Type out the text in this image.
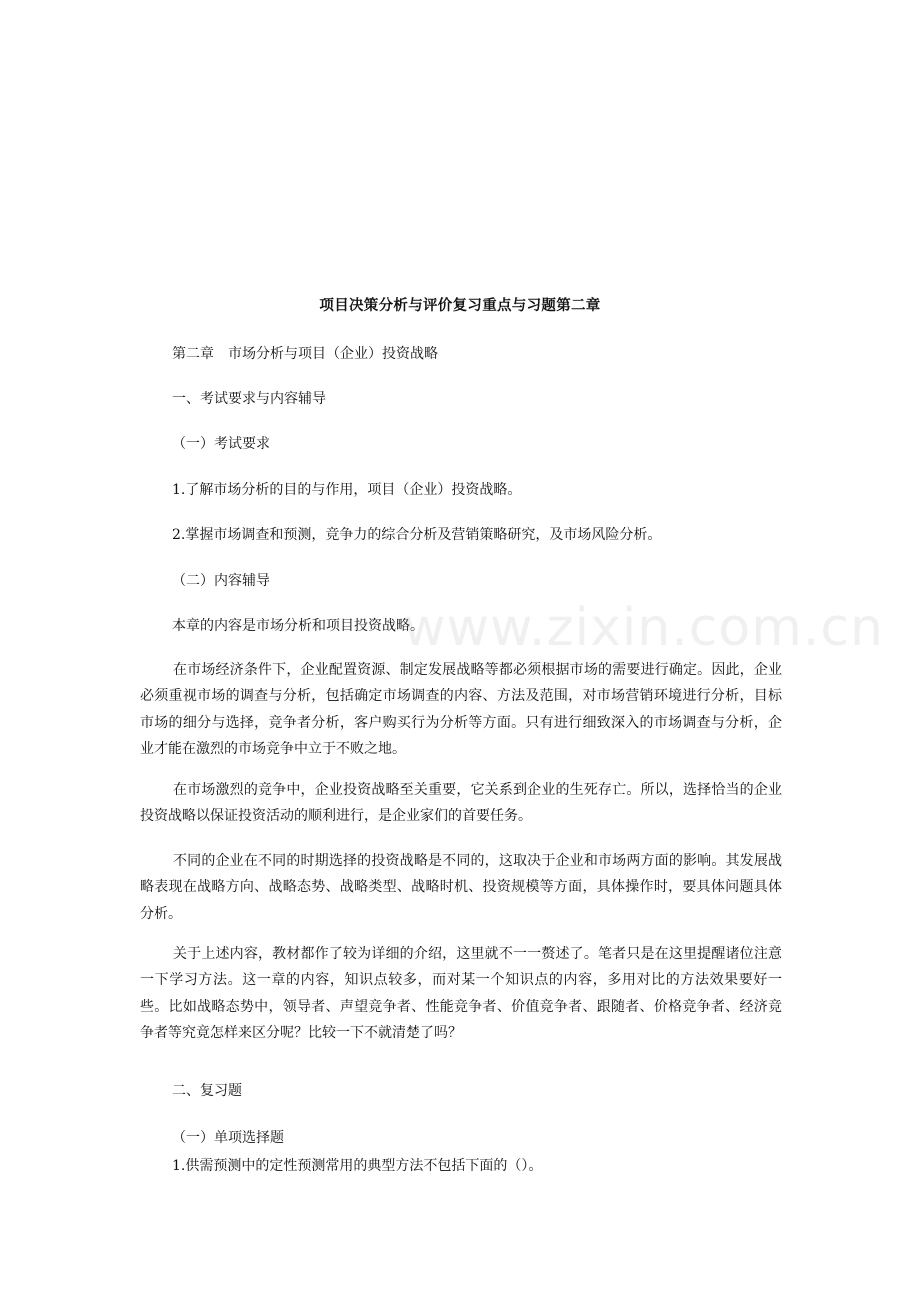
项目决策分析与评价复习重点与习题第二章
第二章　市场分析与项目（企业）投资战略
一、考试要求与内容辅导
（一）考试要求
1.了解市场分析的目的与作用，项目（企业）投资战略。
2.掌握市场调查和预测，竞争力的综合分析及营销策略研究，及市场风险分析。
（二）内容辅导
本章的内容是市场分析和项目投资战略。
在市场经济条件下，企业配置资源、制定发展战略等都必须根据市场的需要进行确定。因此，企业必须重视市场的调查与分析，包括确定市场调查的内容、方法及范围，对市场营销环境进行分析，目标市场的细分与选择，竞争者分析，客户购买行为分析等方面。只有进行细致深入的市场调查与分析，企业才能在激烈的市场竞争中立于不败之地。
在市场激烈的竞争中，企业投资战略至关重要，它关系到企业的生死存亡。所以，选择恰当的企业投资战略以保证投资活动的顺利进行，是企业家们的首要任务。
不同的企业在不同的时期选择的投资战略是不同的，这取决于企业和市场两方面的影响。其发展战略表现在战略方向、战略态势、战略类型、战略时机、投资规模等方面，具体操作时，要具体问题具体分析。
关于上述内容，教材都作了较为详细的介绍，这里就不一一赘述了。笔者只是在这里提醒诸位注意一下学习方法。这一章的内容，知识点较多，而对某一个知识点的内容，多用对比的方法效果要好一些。比如战略态势中，领导者、声望竞争者、性能竞争者、价值竞争者、跟随者、价格竞争者、经济竞争者等究竟怎样来区分呢？比较一下不就清楚了吗？
二、复习题
（一）单项选择题
1.供需预测中的定性预测常用的典型方法不包括下面的（）。
www.zixin.com.cn
